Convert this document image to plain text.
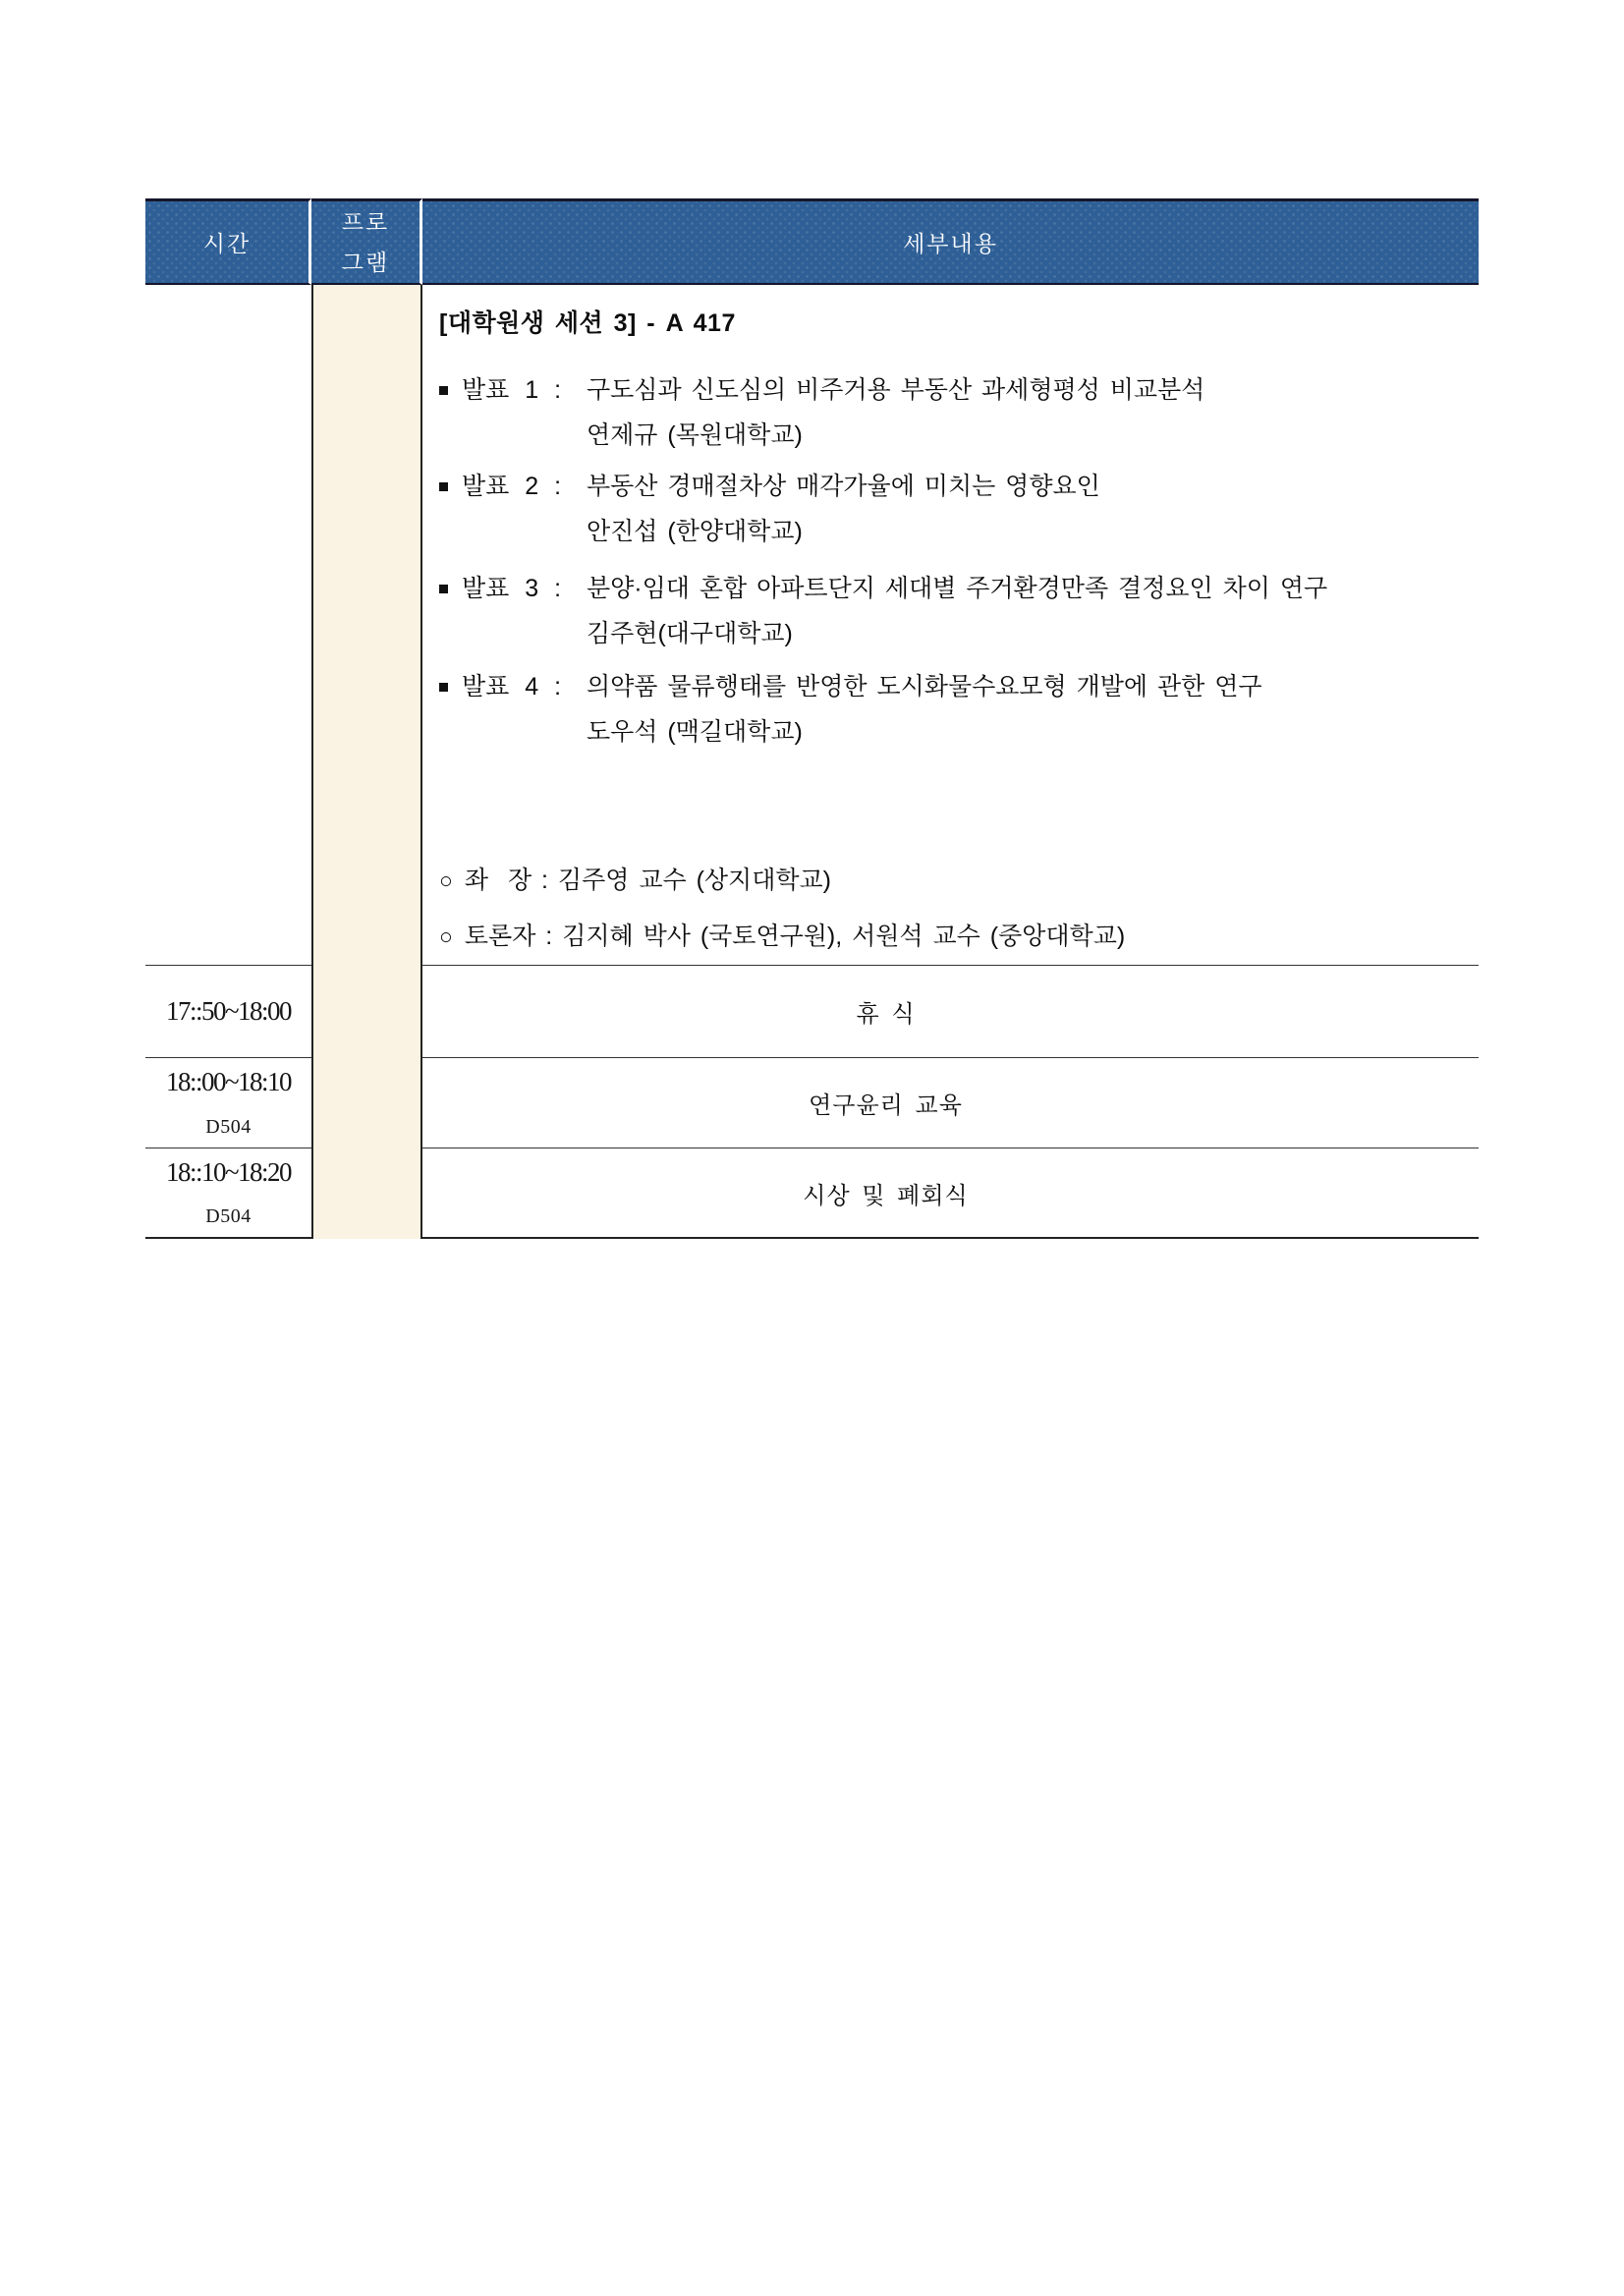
시간
프로
그램
세부내용
[대학원생 세션 3] - A 417
발표 1 : 구도심과 신도심의 비주거용 부동산 과세형평성 비교분석
연제규 (목원대학교)
발표 2 : 부동산 경매절차상 매각가율에 미치는 영향요인
안진섭 (한양대학교)
발표 3 : 분양·임대 혼합 아파트단지 세대별 주거환경만족 결정요인 차이 연구
김주현(대구대학교)
발표 4 : 의약품 물류행태를 반영한 도시화물수요모형 개발에 관한 연구
도우석 (맥길대학교)
○ 좌  장 : 김주영 교수 (상지대학교)
○ 토론자 : 김지혜 박사 (국토연구원), 서원석 교수 (중앙대학교)
17::50~18:00	휴 식
18::00~18:10
D504
연구윤리 교육
18::10~18:20
D504
시상 및 폐회식
